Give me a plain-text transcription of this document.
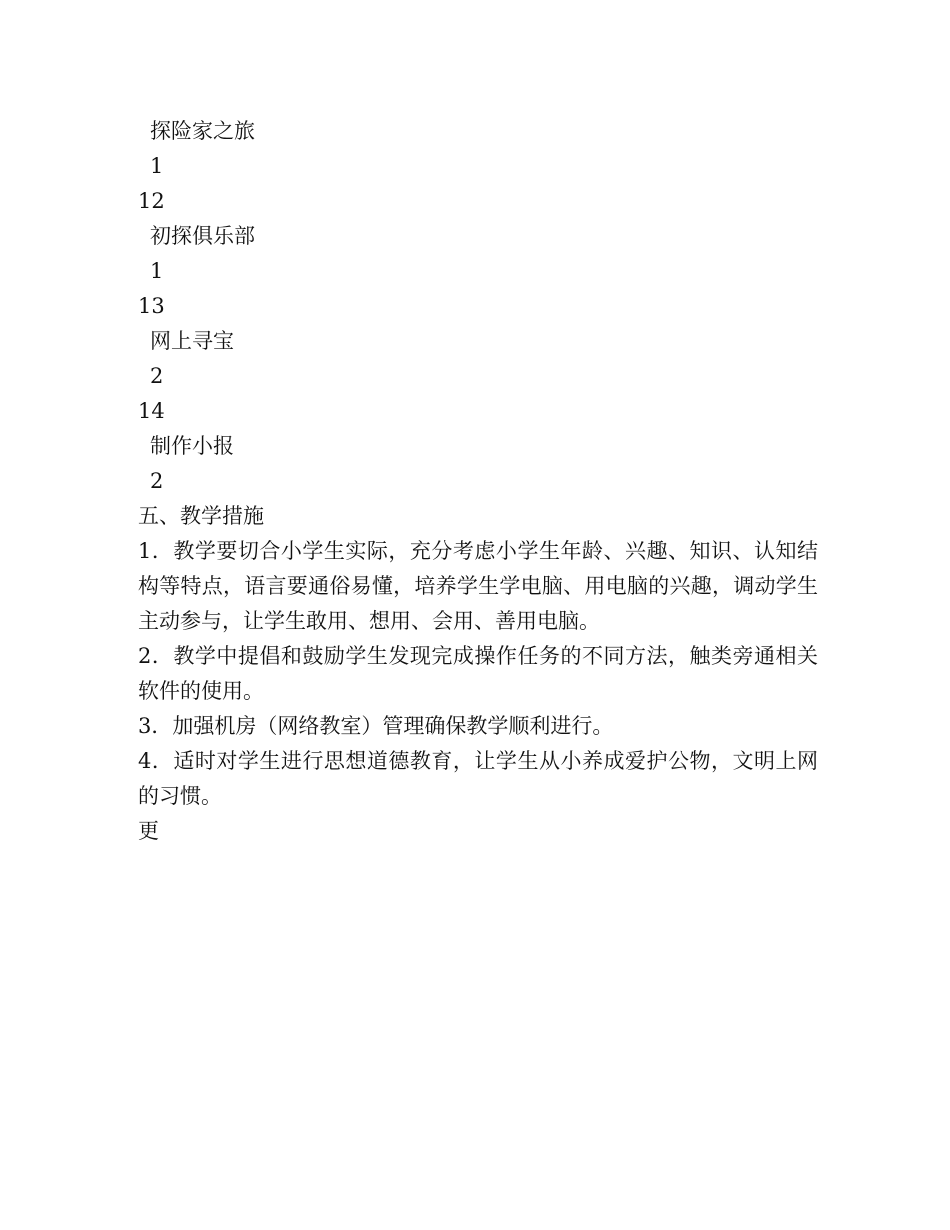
探险家之旅
1
12
初探俱乐部
1
13
网上寻宝
2
14
制作小报
2
五、教学措施
1．教学要切合小学生实际，充分考虑小学生年龄、兴趣、知识、认知结构等特点，语言要通俗易懂，培养学生学电脑、用电脑的兴趣，调动学生主动参与，让学生敢用、想用、会用、善用电脑。
2．教学中提倡和鼓励学生发现完成操作任务的不同方法，触类旁通相关软件的使用。
3．加强机房（网络教室）管理确保教学顺利进行。
4．适时对学生进行思想道德教育，让学生从小养成爱护公物，文明上网的习惯。
更
